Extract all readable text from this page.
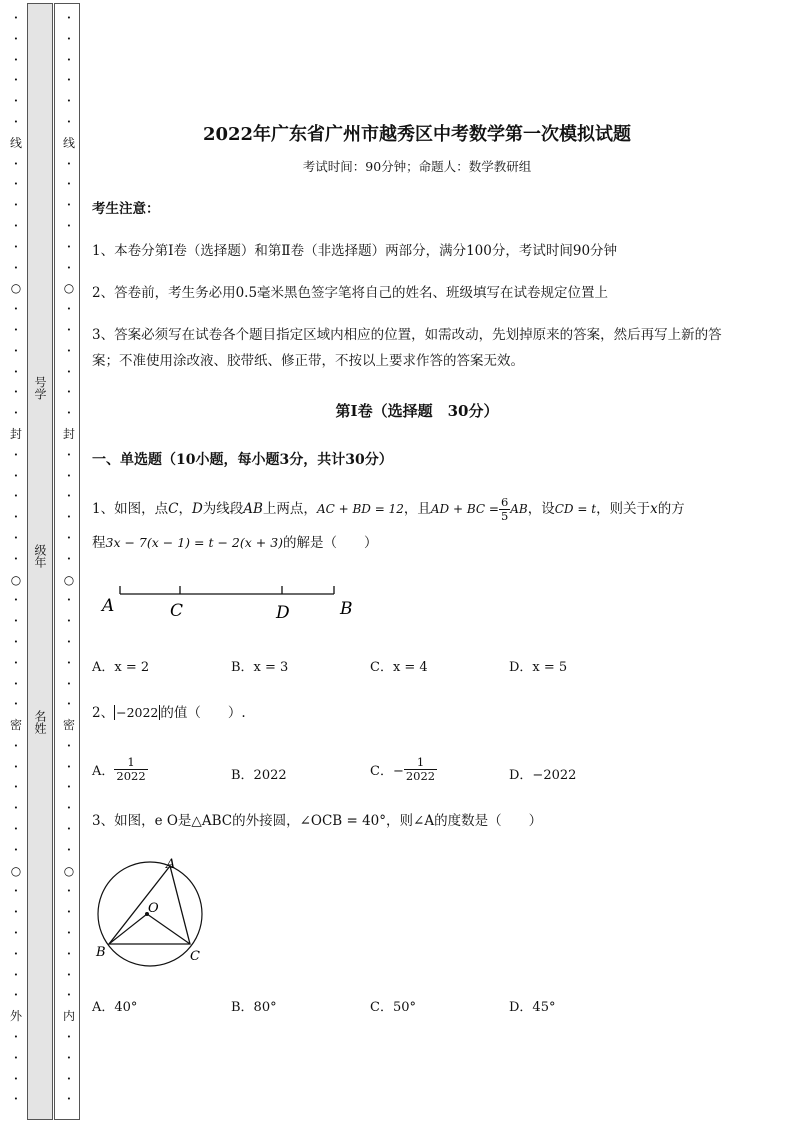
•
•
•
•
•
•
线
•
•
•
•
•
•
○
•
•
•
•
•
•
封
•
•
•
•
•
•
○
•
•
•
•
•
•
密
•
•
•
•
•
•
○
•
•
•
•
•
•
外
•
•
•
•
•
•
•
•
•
•
线
•
•
•
•
•
•
○
•
•
•
•
•
•
封
•
•
•
•
•
•
○
•
•
•
•
•
•
密
•
•
•
•
•
•
○
•
•
•
•
•
•
内
•
•
•
•
号学
级年
名姓
2022年广东省广州市越秀区中考数学第一次模拟试题
考试时间：90分钟；命题人：数学教研组
考生注意：
1、本卷分第I卷（选择题）和第Ⅱ卷（非选择题）两部分，满分100分，考试时间90分钟
2、答卷前，考生务必用0.5毫米黑色签字笔将自己的姓名、班级填写在试卷规定位置上
3、答案必须写在试卷各个题目指定区域内相应的位置，如需改动，先划掉原来的答案，然后再写上新的答案；不准使用涂改液、胶带纸、修正带，不按以上要求作答的答案无效。
第I卷（选择题　30分）
一、单选题（10小题，每小题3分，共计30分）
1、如图，点C，D为线段AB上两点，AC + BD = 12，且AD + BC = $\frac{6}{5}$ AB，设CD = t，则关于x的方
程3x − 7(x − 1) = t − 2(x + 3)的解是（　　）
A	C	D	B
A．x = 2	B．x = 3	C．x = 4	D．x = 5
2、 −2022 的值（　　）.
A． $\frac{1}{2022}$	B．2022	C．− $\frac{1}{2022}$	D．−2022
3、如图，e O是△ABC的外接圆，∠OCB = 40°，则∠A的度数是（　　）
A
O
B	C
A．40°	B．80°	C．50°	D．45°
